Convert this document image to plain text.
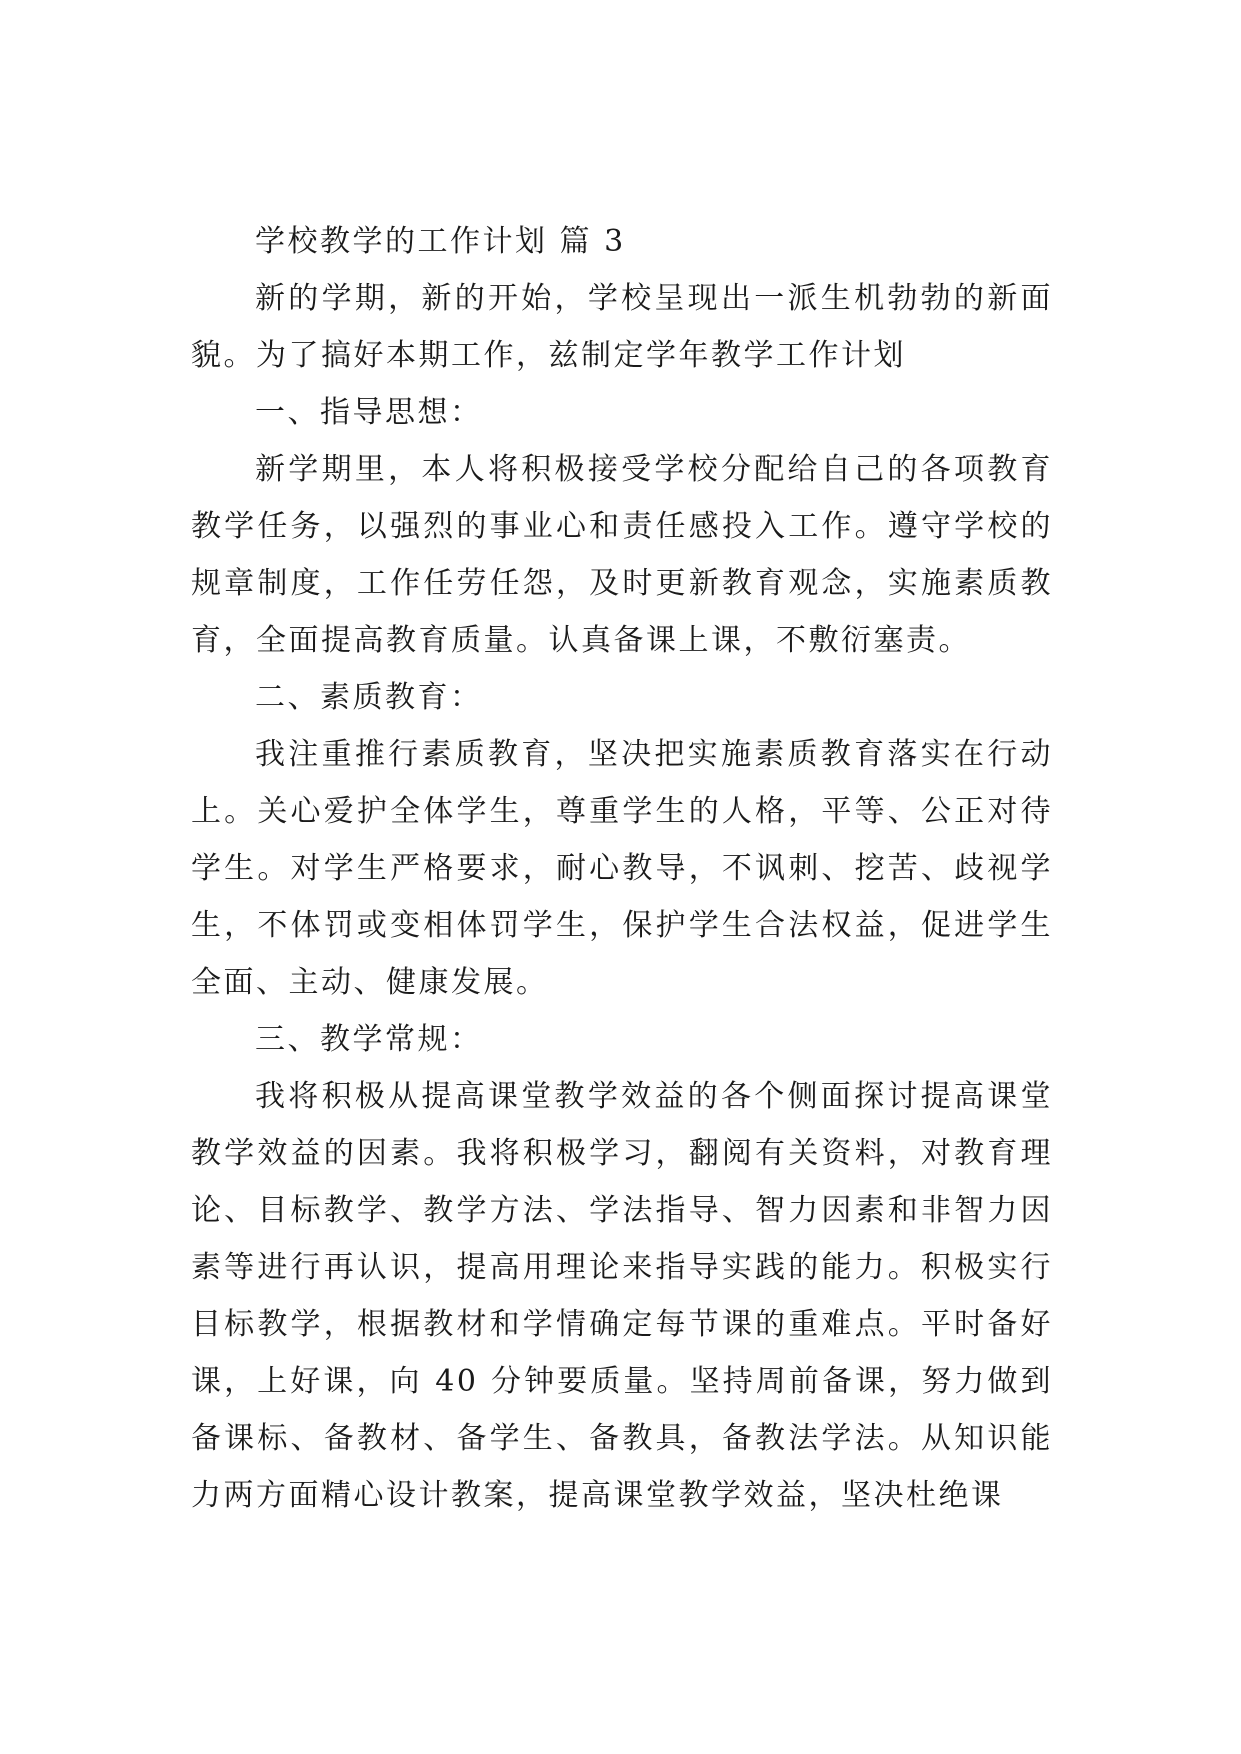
学校教学的工作计划 篇 3

新的学期，新的开始，学校呈现出一派生机勃勃的新面貌。为了搞好本期工作，兹制定学年教学工作计划

一、指导思想：

新学期里，本人将积极接受学校分配给自己的各项教育教学任务，以强烈的事业心和责任感投入工作。遵守学校的规章制度，工作任劳任怨，及时更新教育观念，实施素质教育，全面提高教育质量。认真备课上课，不敷衍塞责。

二、素质教育：

我注重推行素质教育，坚决把实施素质教育落实在行动上。关心爱护全体学生，尊重学生的人格，平等、公正对待学生。对学生严格要求，耐心教导，不讽刺、挖苦、歧视学生，不体罚或变相体罚学生，保护学生合法权益，促进学生全面、主动、健康发展。

三、教学常规：

我将积极从提高课堂教学效益的各个侧面探讨提高课堂教学效益的因素。我将积极学习，翻阅有关资料，对教育理论、目标教学、教学方法、学法指导、智力因素和非智力因素等进行再认识，提高用理论来指导实践的能力。积极实行目标教学，根据教材和学情确定每节课的重难点。平时备好课，上好课，向 40 分钟要质量。坚持周前备课，努力做到备课标、备教材、备学生、备教具，备教法学法。从知识能力两方面精心设计教案，提高课堂教学效益，坚决杜绝课
